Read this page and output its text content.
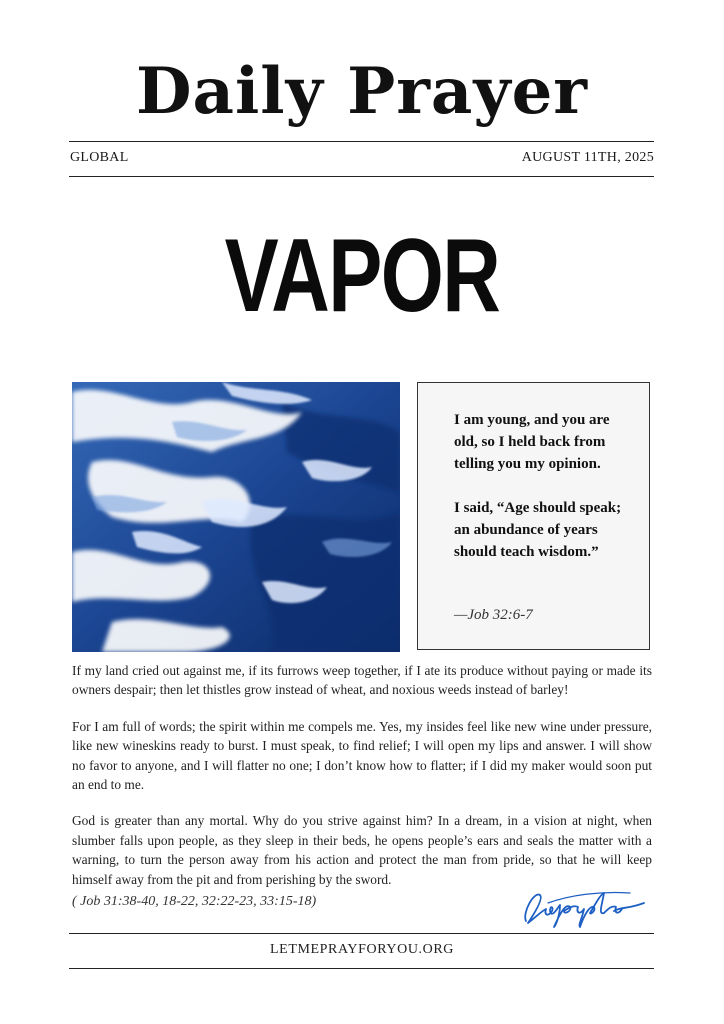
Daily Prayer
GLOBAL	AUGUST 11TH, 2025
VAPOR

I am young, and you are old, so I held back from telling you my opinion.

I said, “Age should speak; an abundance of years should teach wisdom.”

—Job 32:6-7

If my land cried out against me, if its furrows weep together, if I ate its produce without paying or made its owners despair; then let thistles grow instead of wheat, and noxious weeds instead of barley!

For I am full of words; the spirit within me compels me. Yes, my insides feel like new wine under pressure, like new wineskins ready to burst. I must speak, to find relief; I will open my lips and answer. I will show no favor to anyone, and I will flatter no one; I don’t know how to flatter; if I did my maker would soon put an end to me.

God is greater than any mortal. Why do you strive against him? In a dream, in a vision at night, when slumber falls upon people, as they sleep in their beds, he opens people’s ears and seals the matter with a warning, to turn the person away from his action and protect the man from pride, so that he will keep himself away from the pit and from perishing by the sword.

( Job 31:38-40, 18-22, 32:22-23, 33:15-18)
LETMEPRAYFORYOU.ORG
